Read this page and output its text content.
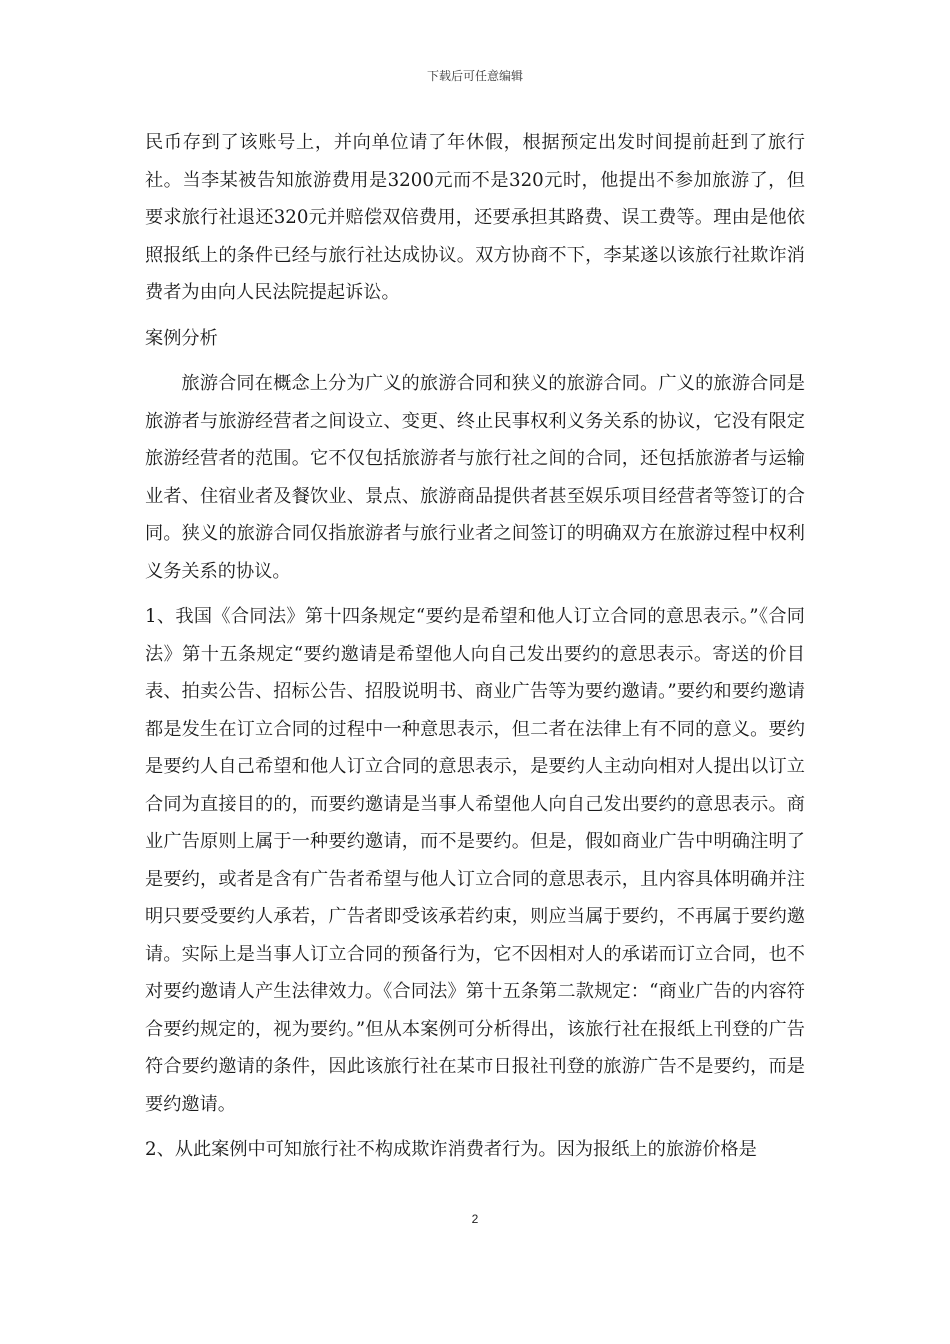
下载后可任意编辑

民币存到了该账号上，并向单位请了年休假，根据预定出发时间提前赶到了旅行社。当李某被告知旅游费用是3200元而不是320元时，他提出不参加旅游了，但要求旅行社退还320元并赔偿双倍费用，还要承担其路费、误工费等。理由是他依照报纸上的条件已经与旅行社达成协议。双方协商不下，李某遂以该旅行社欺诈消费者为由向人民法院提起诉讼。

案例分析

旅游合同在概念上分为广义的旅游合同和狭义的旅游合同。广义的旅游合同是旅游者与旅游经营者之间设立、变更、终止民事权利义务关系的协议，它没有限定旅游经营者的范围。它不仅包括旅游者与旅行社之间的合同，还包括旅游者与运输业者、住宿业者及餐饮业、景点、旅游商品提供者甚至娱乐项目经营者等签订的合同。狭义的旅游合同仅指旅游者与旅行业者之间签订的明确双方在旅游过程中权利义务关系的协议。

1、我国《合同法》第十四条规定“要约是希望和他人订立合同的意思表示。”《合同法》第十五条规定“要约邀请是希望他人向自己发出要约的意思表示。寄送的价目表、拍卖公告、招标公告、招股说明书、商业广告等为要约邀请。”要约和要约邀请都是发生在订立合同的过程中一种意思表示，但二者在法律上有不同的意义。要约是要约人自己希望和他人订立合同的意思表示，是要约人主动向相对人提出以订立合同为直接目的的，而要约邀请是当事人希望他人向自己发出要约的意思表示。商业广告原则上属于一种要约邀请，而不是要约。但是，假如商业广告中明确注明了是要约，或者是含有广告者希望与他人订立合同的意思表示，且内容具体明确并注明只要受要约人承若，广告者即受该承若约束，则应当属于要约，不再属于要约邀请。实际上是当事人订立合同的预备行为，它不因相对人的承诺而订立合同，也不对要约邀请人产生法律效力。《合同法》第十五条第二款规定：“商业广告的内容符合要约规定的，视为要约。”但从本案例可分析得出，该旅行社在报纸上刊登的广告符合要约邀请的条件，因此该旅行社在某市日报社刊登的旅游广告不是要约，而是要约邀请。

2、从此案例中可知旅行社不构成欺诈消费者行为。因为报纸上的旅游价格是

2
